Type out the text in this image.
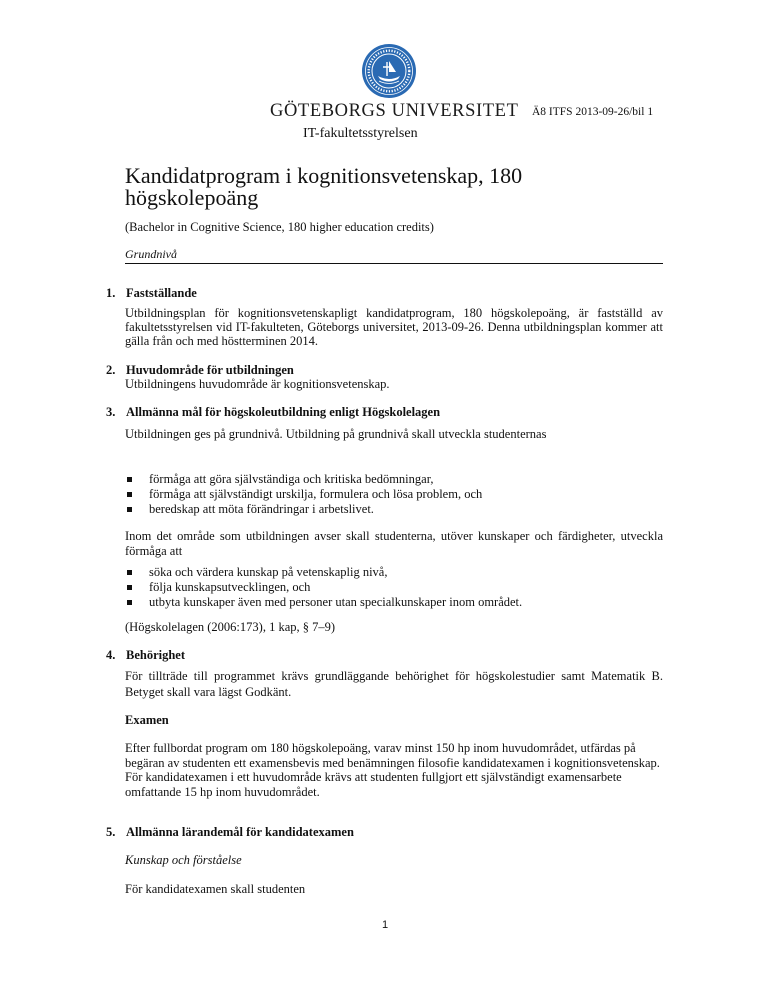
GÖTEBORGS UNIVERSITET Ä8 ITFS 2013-09-26/bil 1
IT-fakultetsstyrelsen
Kandidatprogram i kognitionsvetenskap, 180 högskolepoäng
(Bachelor in Cognitive Science, 180 higher education credits)
Grundnivå
1. Fastställande
Utbildningsplan för kognitionsvetenskapligt kandidatprogram, 180 högskolepoäng, är fastställd av fakultetsstyrelsen vid IT-fakulteten, Göteborgs universitet, 2013-09-26. Denna utbildningsplan kommer att gälla från och med höstterminen 2014.
2. Huvudområde för utbildningen
Utbildningens huvudområde är kognitionsvetenskap.
3. Allmänna mål för högskoleutbildning enligt Högskolelagen
Utbildningen ges på grundnivå. Utbildning på grundnivå skall utveckla studenternas
förmåga att göra självständiga och kritiska bedömningar,
förmåga att självständigt urskilja, formulera och lösa problem, och
beredskap att möta förändringar i arbetslivet.
Inom det område som utbildningen avser skall studenterna, utöver kunskaper och färdigheter, utveckla förmåga att
söka och värdera kunskap på vetenskaplig nivå,
följa kunskapsutvecklingen, och
utbyta kunskaper även med personer utan specialkunskaper inom området.
(Högskolelagen (2006:173), 1 kap, § 7–9)
4. Behörighet
För tillträde till programmet krävs grundläggande behörighet för högskolestudier samt Matematik B. Betyget skall vara lägst Godkänt.
Examen
Efter fullbordat program om 180 högskolepoäng, varav minst 150 hp inom huvudområdet, utfärdas på begäran av studenten ett examensbevis med benämningen filosofie kandidatexamen i kognitionsvetenskap. För kandidatexamen i ett huvudområde krävs att studenten fullgjort ett självständigt examensarbete omfattande 15 hp inom huvudområdet.
5. Allmänna lärandemål för kandidatexamen
Kunskap och förståelse
För kandidatexamen skall studenten
1
